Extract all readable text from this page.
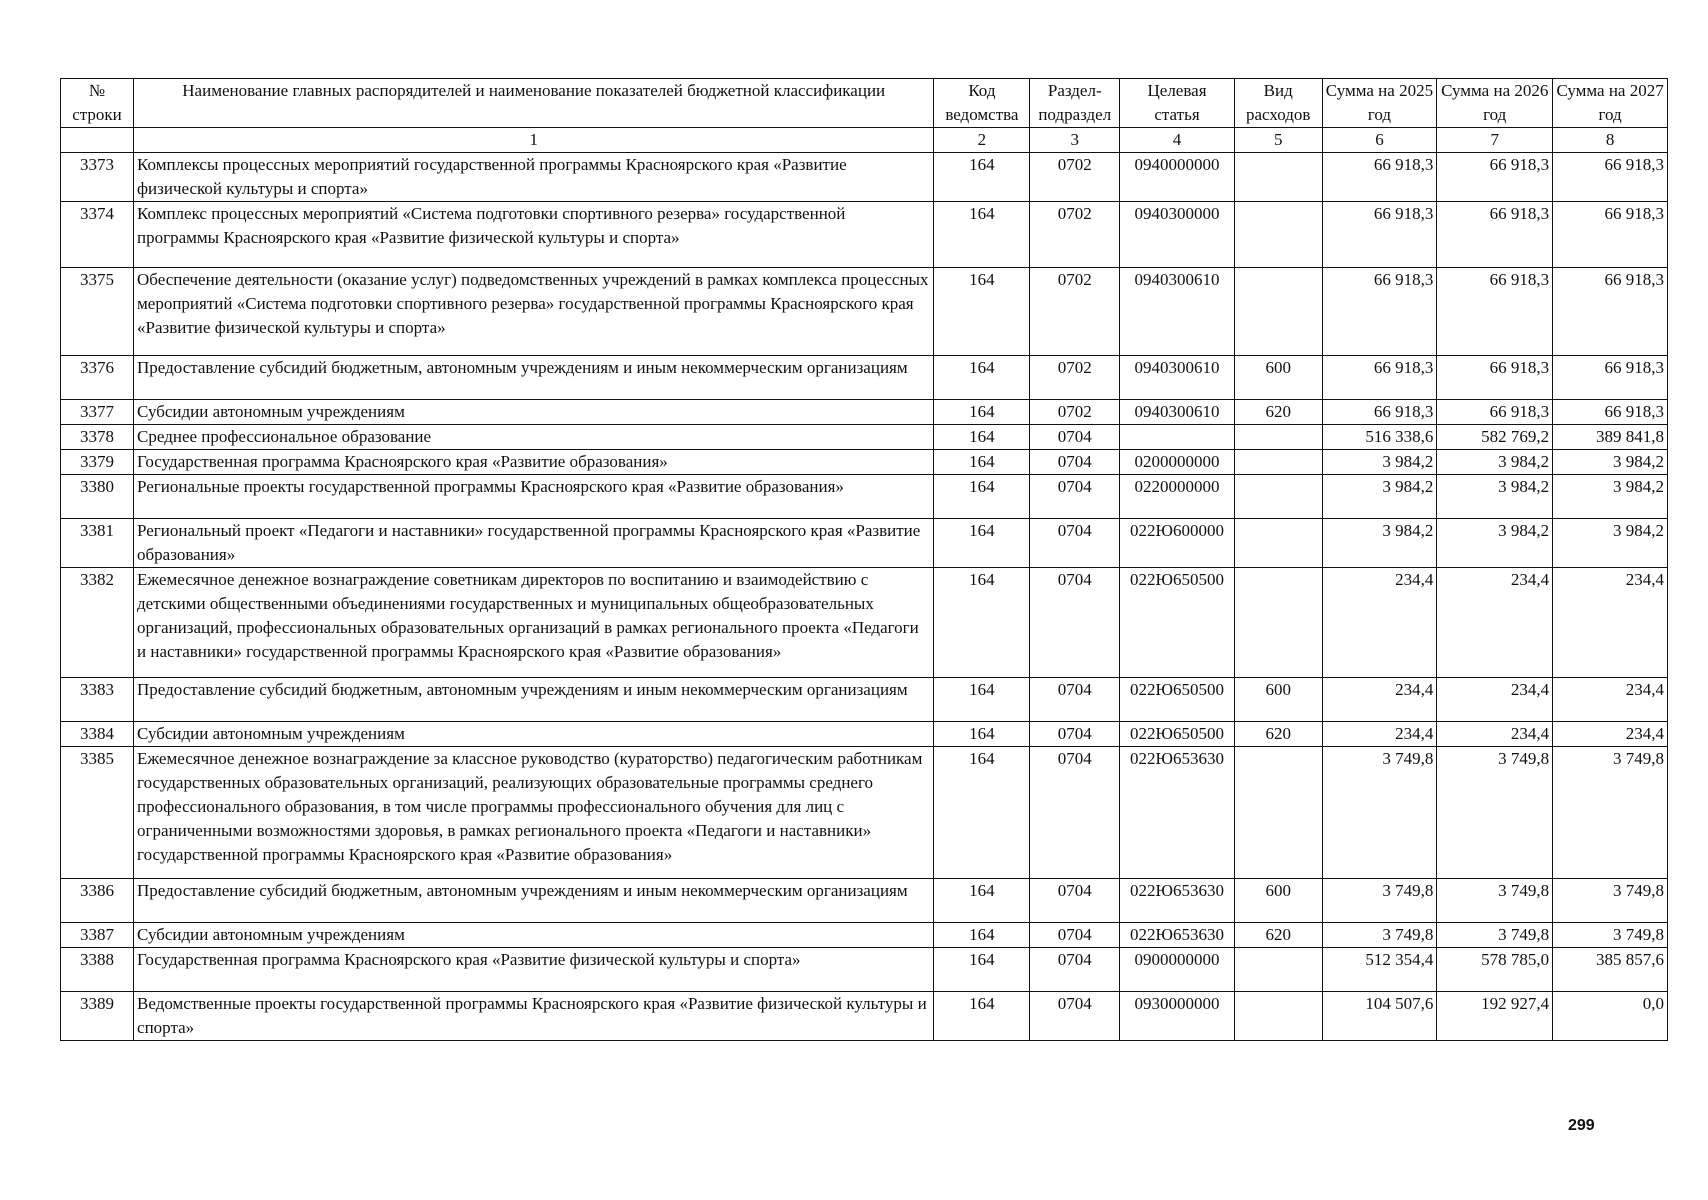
№ строки	Наименование главных распорядителей и наименование показателей бюджетной классификации	Код ведомства	Раздел-подраздел	Целевая статья	Вид расходов	Сумма на 2025 год	Сумма на 2026 год	Сумма на 2027 год
	1	2	3	4	5	6	7	8
3373	Комплексы процессных мероприятий государственной программы Красноярского края «Развитие физической культуры и спорта»	164	0702	0940000000		66 918,3	66 918,3	66 918,3
3374	Комплекс процессных мероприятий «Система подготовки спортивного резерва» государственной программы Красноярского края «Развитие физической культуры и спорта»	164	0702	0940300000		66 918,3	66 918,3	66 918,3
3375	Обеспечение деятельности (оказание услуг) подведомственных учреждений в рамках комплекса процессных мероприятий «Система подготовки спортивного резерва» государственной программы Красноярского края «Развитие физической культуры и спорта»	164	0702	0940300610		66 918,3	66 918,3	66 918,3
3376	Предоставление субсидий бюджетным, автономным учреждениям и иным некоммерческим организациям	164	0702	0940300610	600	66 918,3	66 918,3	66 918,3
3377	Субсидии автономным учреждениям	164	0702	0940300610	620	66 918,3	66 918,3	66 918,3
3378	Среднее профессиональное образование	164	0704			516 338,6	582 769,2	389 841,8
3379	Государственная программа Красноярского края «Развитие образования»	164	0704	0200000000		3 984,2	3 984,2	3 984,2
3380	Региональные проекты государственной программы Красноярского края «Развитие образования»	164	0704	0220000000		3 984,2	3 984,2	3 984,2
3381	Региональный проект «Педагоги и наставники» государственной программы Красноярского края «Развитие образования»	164	0704	022Ю600000		3 984,2	3 984,2	3 984,2
3382	Ежемесячное денежное вознаграждение советникам директоров по воспитанию и взаимодействию с детскими общественными объединениями государственных и муниципальных общеобразовательных организаций, профессиональных образовательных организаций в рамках регионального проекта «Педагоги и наставники» государственной программы Красноярского края «Развитие образования»	164	0704	022Ю650500		234,4	234,4	234,4
3383	Предоставление субсидий бюджетным, автономным учреждениям и иным некоммерческим организациям	164	0704	022Ю650500	600	234,4	234,4	234,4
3384	Субсидии автономным учреждениям	164	0704	022Ю650500	620	234,4	234,4	234,4
3385	Ежемесячное денежное вознаграждение за классное руководство (кураторство) педагогическим работникам государственных образовательных организаций, реализующих образовательные программы среднего профессионального образования, в том числе программы профессионального обучения для лиц с ограниченными возможностями здоровья, в рамках регионального проекта «Педагоги и наставники» государственной программы Красноярского края «Развитие образования»	164	0704	022Ю653630		3 749,8	3 749,8	3 749,8
3386	Предоставление субсидий бюджетным, автономным учреждениям и иным некоммерческим организациям	164	0704	022Ю653630	600	3 749,8	3 749,8	3 749,8
3387	Субсидии автономным учреждениям	164	0704	022Ю653630	620	3 749,8	3 749,8	3 749,8
3388	Государственная программа Красноярского края «Развитие физической культуры и спорта»	164	0704	0900000000		512 354,4	578 785,0	385 857,6
3389	Ведомственные проекты государственной программы Красноярского края «Развитие физической культуры и спорта»	164	0704	0930000000		104 507,6	192 927,4	0,0
299
